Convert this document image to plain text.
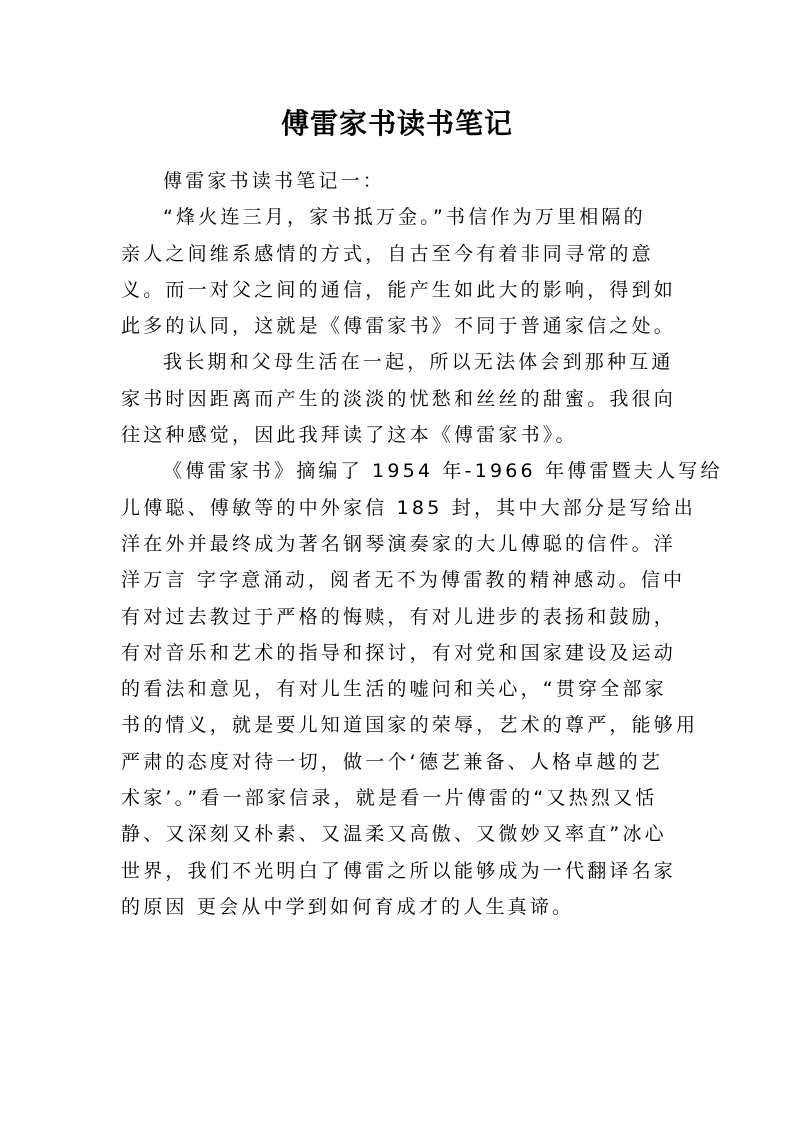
傅雷家书读书笔记
傅雷家书读书笔记一：
“烽火连三月，家书抵万金。”书信作为万里相隔的
亲人之间维系感情的方式，自古至今有着非同寻常的意
义。而一对父之间的通信，能产生如此大的影响，得到如
此多的认同，这就是《傅雷家书》不同于普通家信之处。
我长期和父母生活在一起，所以无法体会到那种互通
家书时因距离而产生的淡淡的忧愁和丝丝的甜蜜。我很向
往这种感觉，因此我拜读了这本《傅雷家书》。
《傅雷家书》摘编了 1954 年-1966 年傅雷暨夫人写给
儿傅聪、傅敏等的中外家信 185 封，其中大部分是写给出
洋在外并最终成为著名钢琴演奏家的大儿傅聪的信件。洋
洋万言 字字意涌动，阅者无不为傅雷教的精神感动。信中
有对过去教过于严格的悔赎，有对儿进步的表扬和鼓励，
有对音乐和艺术的指导和探讨，有对党和国家建设及运动
的看法和意见，有对儿生活的嘘问和关心，“贯穿全部家
书的情义，就是要儿知道国家的荣辱，艺术的尊严，能够用
严肃的态度对待一切，做一个‘德艺兼备、人格卓越的艺
术家’。”看一部家信录，就是看一片傅雷的“又热烈又恬
静、又深刻又朴素、又温柔又高傲、又微妙又率直”冰心
世界，我们不光明白了傅雷之所以能够成为一代翻译名家
的原因 更会从中学到如何育成才的人生真谛。
